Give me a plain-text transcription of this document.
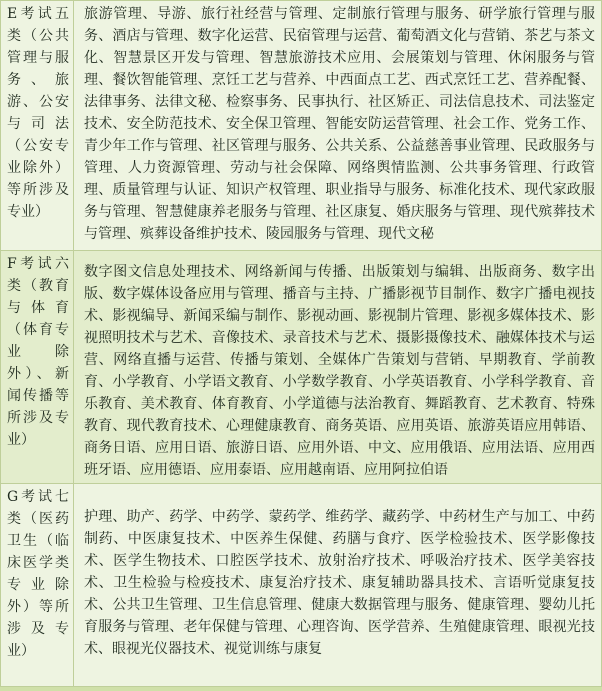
E考试五类（公共管理与服务、旅游、公安与司法（公安专业除外）等所涉及专业）	旅游管理、导游、旅行社经营与管理、定制旅行管理与服务、研学旅行管理与服务、酒店与管理、数字化运营、民宿管理与运营、葡萄酒文化与营销、茶艺与茶文化、智慧景区开发与管理、智慧旅游技术应用、会展策划与管理、休闲服务与管理、餐饮智能管理、烹饪工艺与营养、中西面点工艺、西式烹饪工艺、营养配餐、法律事务、法律文秘、检察事务、民事执行、社区矫正、司法信息技术、司法鉴定技术、安全防范技术、安全保卫管理、智能安防运营管理、社会工作、党务工作、青少年工作与管理、社区管理与服务、公共关系、公益慈善事业管理、民政服务与管理、人力资源管理、劳动与社会保障、网络舆情监测、公共事务管理、行政管理、质量管理与认证、知识产权管理、职业指导与服务、标准化技术、现代家政服务与管理、智慧健康养老服务与管理、社区康复、婚庆服务与管理、现代殡葬技术与管理、殡葬设备维护技术、陵园服务与管理、现代文秘
F考试六类（教育与体育（体育专业除外）、新闻传播等所涉及专业）	数字图文信息处理技术、网络新闻与传播、出版策划与编辑、出版商务、数字出版、数字媒体设备应用与管理、播音与主持、广播影视节目制作、数字广播电视技术、影视编导、新闻采编与制作、影视动画、影视制片管理、影视多媒体技术、影视照明技术与艺术、音像技术、录音技术与艺术、摄影摄像技术、融媒体技术与运营、网络直播与运营、传播与策划、全媒体广告策划与营销、早期教育、学前教育、小学教育、小学语文教育、小学数学教育、小学英语教育、小学科学教育、音乐教育、美术教育、体育教育、小学道德与法治教育、舞蹈教育、艺术教育、特殊教育、现代教育技术、心理健康教育、商务英语、应用英语、旅游英语应用韩语、商务日语、应用日语、旅游日语、应用外语、中文、应用俄语、应用法语、应用西班牙语、应用德语、应用泰语、应用越南语、应用阿拉伯语
G考试七类（医药卫生（临床医学类专业除外）等所涉及专业）	护理、助产、药学、中药学、蒙药学、维药学、藏药学、中药材生产与加工、中药制药、中医康复技术、中医养生保健、药膳与食疗、医学检验技术、医学影像技术、医学生物技术、口腔医学技术、放射治疗技术、呼吸治疗技术、医学美容技术、卫生检验与检疫技术、康复治疗技术、康复辅助器具技术、言语听觉康复技术、公共卫生管理、卫生信息管理、健康大数据管理与服务、健康管理、婴幼儿托育服务与管理、老年保健与管理、心理咨询、医学营养、生殖健康管理、眼视光技术、眼视光仪器技术、视觉训练与康复
